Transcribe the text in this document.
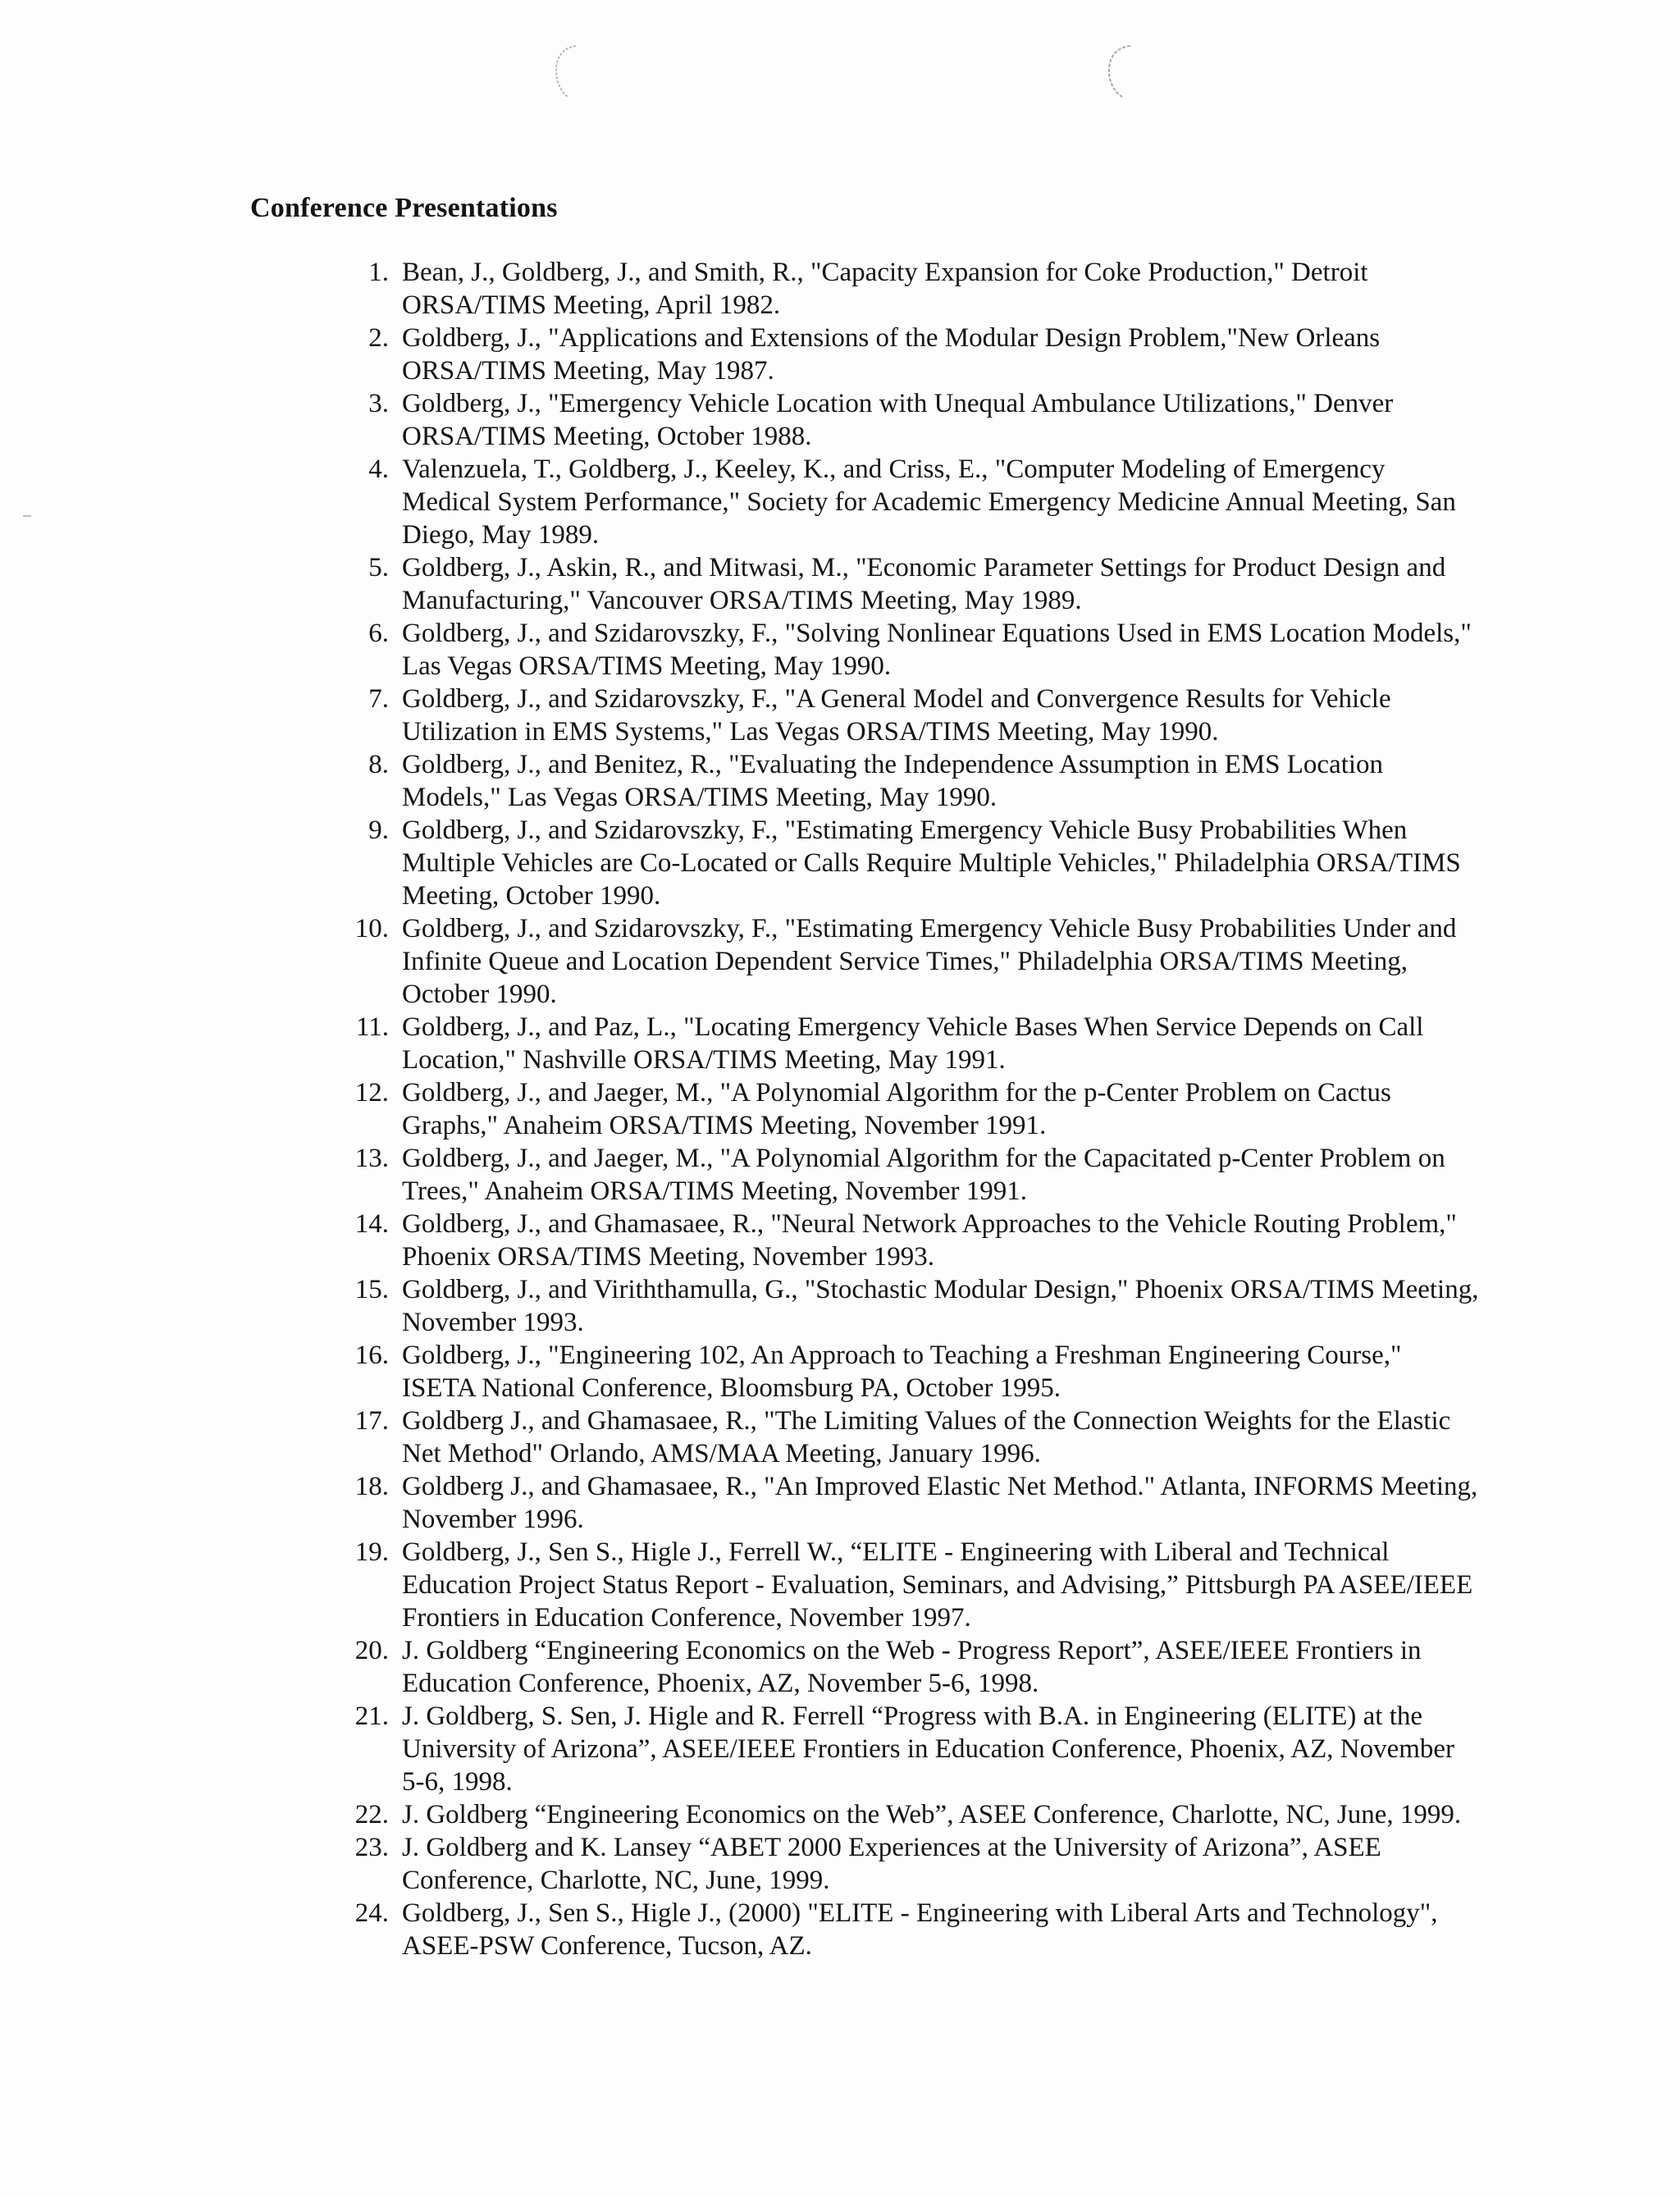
Conference Presentations
1. Bean, J., Goldberg, J., and Smith, R., "Capacity Expansion for Coke Production," Detroit ORSA/TIMS Meeting, April 1982.
2. Goldberg, J., "Applications and Extensions of the Modular Design Problem,"New Orleans ORSA/TIMS Meeting, May 1987.
3. Goldberg, J., "Emergency Vehicle Location with Unequal Ambulance Utilizations," Denver ORSA/TIMS Meeting, October 1988.
4. Valenzuela, T., Goldberg, J., Keeley, K., and Criss, E., "Computer Modeling of Emergency Medical System Performance," Society for Academic Emergency Medicine Annual Meeting, San Diego, May 1989.
5. Goldberg, J., Askin, R., and Mitwasi, M., "Economic Parameter Settings for Product Design and Manufacturing," Vancouver ORSA/TIMS Meeting, May 1989.
6. Goldberg, J., and Szidarovszky, F., "Solving Nonlinear Equations Used in EMS Location Models," Las Vegas ORSA/TIMS Meeting, May 1990.
7. Goldberg, J., and Szidarovszky, F., "A General Model and Convergence Results for Vehicle Utilization in EMS Systems," Las Vegas ORSA/TIMS Meeting, May 1990.
8. Goldberg, J., and Benitez, R., "Evaluating the Independence Assumption in EMS Location Models," Las Vegas ORSA/TIMS Meeting, May 1990.
9. Goldberg, J., and Szidarovszky, F., "Estimating Emergency Vehicle Busy Probabilities When Multiple Vehicles are Co-Located or Calls Require Multiple Vehicles," Philadelphia ORSA/TIMS Meeting, October 1990.
10. Goldberg, J., and Szidarovszky, F., "Estimating Emergency Vehicle Busy Probabilities Under and Infinite Queue and Location Dependent Service Times," Philadelphia ORSA/TIMS Meeting, October 1990.
11. Goldberg, J., and Paz, L., "Locating Emergency Vehicle Bases When Service Depends on Call Location," Nashville ORSA/TIMS Meeting, May 1991.
12. Goldberg, J., and Jaeger, M., "A Polynomial Algorithm for the p-Center Problem on Cactus Graphs," Anaheim ORSA/TIMS Meeting, November 1991.
13. Goldberg, J., and Jaeger, M., "A Polynomial Algorithm for the Capacitated p-Center Problem on Trees," Anaheim ORSA/TIMS Meeting, November 1991.
14. Goldberg, J., and Ghamasaee, R., "Neural Network Approaches to the Vehicle Routing Problem," Phoenix ORSA/TIMS Meeting, November 1993.
15. Goldberg, J., and Viriththamulla, G., "Stochastic Modular Design," Phoenix ORSA/TIMS Meeting, November 1993.
16. Goldberg, J., "Engineering 102, An Approach to Teaching a Freshman Engineering Course," ISETA National Conference, Bloomsburg PA, October 1995.
17. Goldberg J., and Ghamasaee, R., "The Limiting Values of the Connection Weights for the Elastic Net Method" Orlando, AMS/MAA Meeting, January 1996.
18. Goldberg J., and Ghamasaee, R., "An Improved Elastic Net Method." Atlanta, INFORMS Meeting, November 1996.
19. Goldberg, J., Sen S., Higle J., Ferrell W., “ELITE - Engineering with Liberal and Technical Education Project Status Report - Evaluation, Seminars, and Advising,” Pittsburgh PA ASEE/IEEE Frontiers in Education Conference, November 1997.
20. J. Goldberg “Engineering Economics on the Web - Progress Report”, ASEE/IEEE Frontiers in Education Conference, Phoenix, AZ, November 5-6, 1998.
21. J. Goldberg, S. Sen, J. Higle and R. Ferrell “Progress with B.A. in Engineering (ELITE) at the University of Arizona”, ASEE/IEEE Frontiers in Education Conference, Phoenix, AZ, November 5-6, 1998.
22. J. Goldberg “Engineering Economics on the Web”, ASEE Conference, Charlotte, NC, June, 1999.
23. J. Goldberg and K. Lansey “ABET 2000 Experiences at the University of Arizona”, ASEE Conference, Charlotte, NC, June, 1999.
24. Goldberg, J., Sen S., Higle J., (2000) "ELITE - Engineering with Liberal Arts and Technology", ASEE-PSW Conference, Tucson, AZ.
